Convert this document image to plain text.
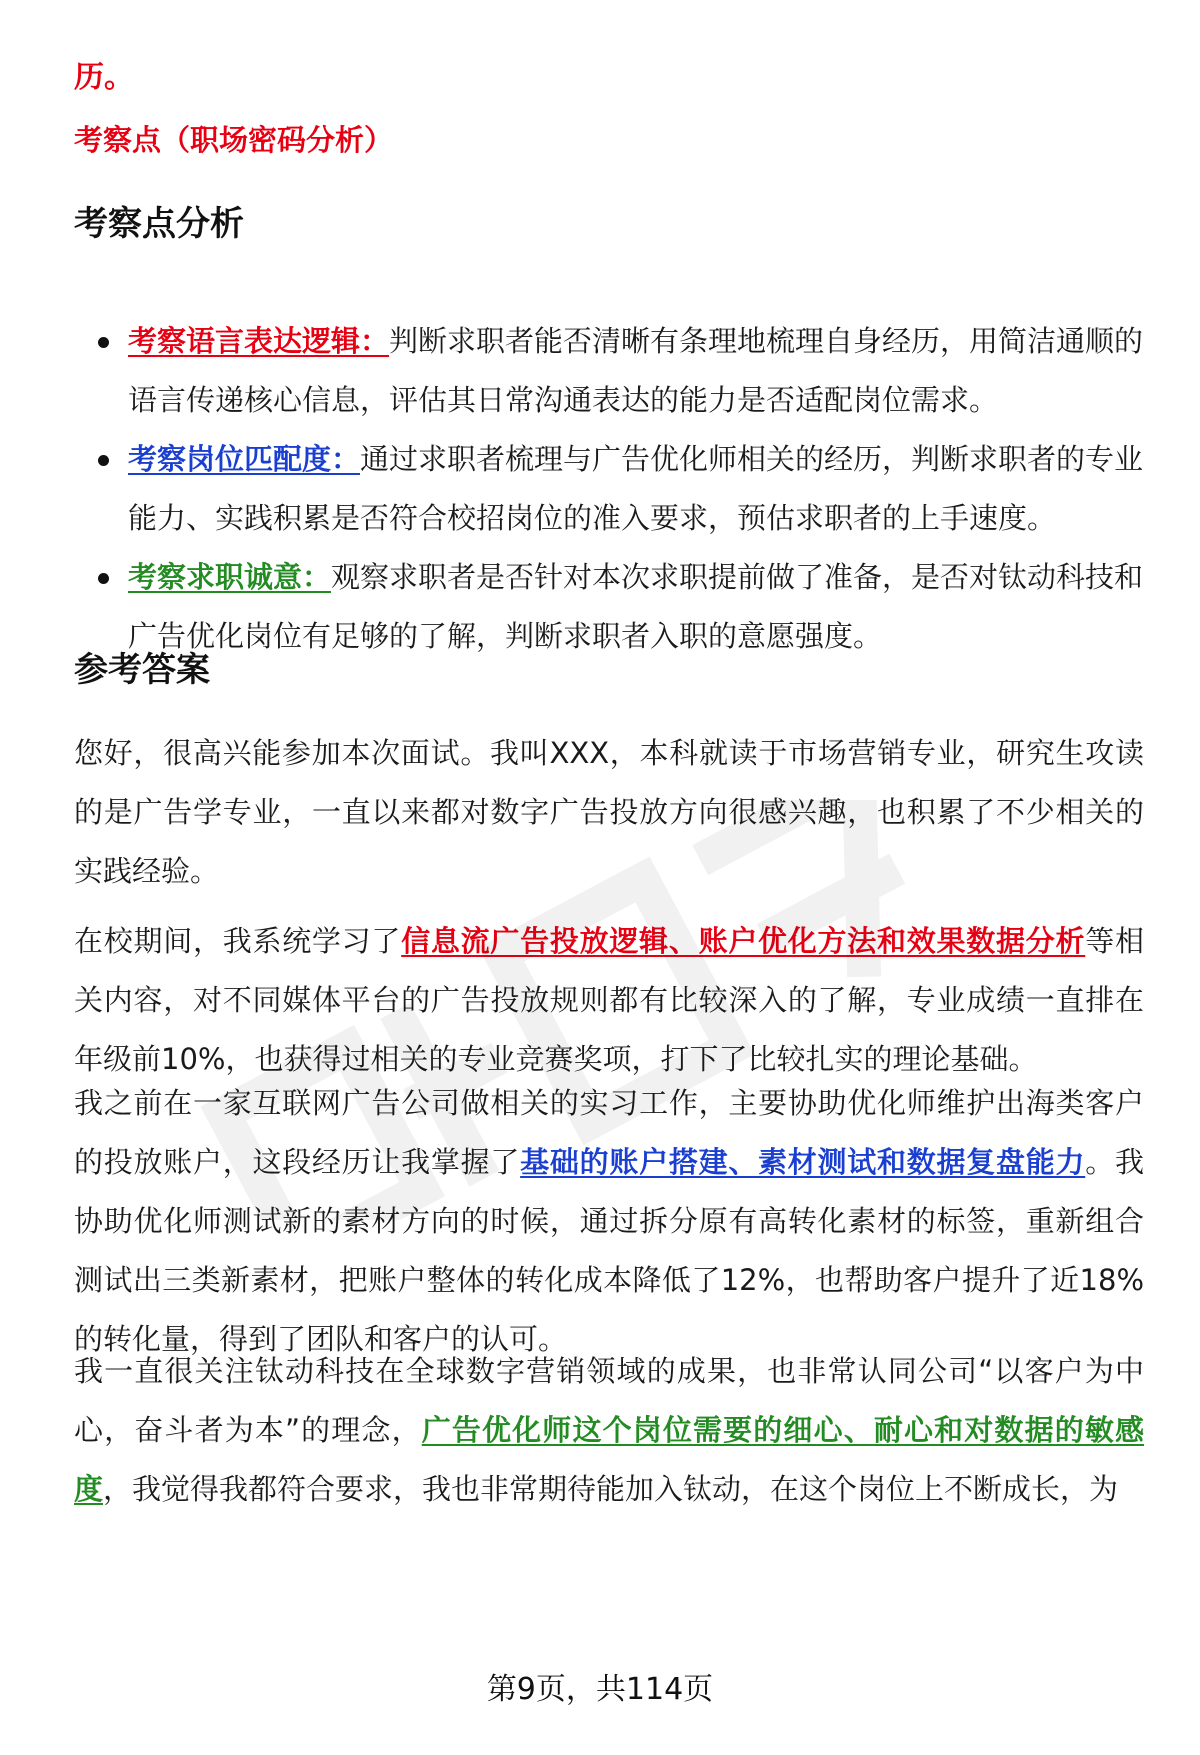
历。
考察点（职场密码分析）
考察点分析
考察语言表达逻辑：判断求职者能否清晰有条理地梳理自身经历，用简洁通顺的语言传递核心信息，评估其日常沟通表达的能力是否适配岗位需求。
考察岗位匹配度：通过求职者梳理与广告优化师相关的经历，判断求职者的专业能力、实践积累是否符合校招岗位的准入要求，预估求职者的上手速度。
考察求职诚意：观察求职者是否针对本次求职提前做了准备，是否对钛动科技和广告优化岗位有足够的了解，判断求职者入职的意愿强度。
参考答案
您好，很高兴能参加本次面试。我叫XXX，本科就读于市场营销专业，研究生攻读的是广告学专业，一直以来都对数字广告投放方向很感兴趣，也积累了不少相关的实践经验。
在校期间，我系统学习了信息流广告投放逻辑、账户优化方法和效果数据分析等相关内容，对不同媒体平台的广告投放规则都有比较深入的了解，专业成绩一直排在年级前10%，也获得过相关的专业竞赛奖项，打下了比较扎实的理论基础。
我之前在一家互联网广告公司做相关的实习工作，主要协助优化师维护出海类客户的投放账户，这段经历让我掌握了基础的账户搭建、素材测试和数据复盘能力。我协助优化师测试新的素材方向的时候，通过拆分原有高转化素材的标签，重新组合测试出三类新素材，把账户整体的转化成本降低了12%，也帮助客户提升了近18%的转化量，得到了团队和客户的认可。
我一直很关注钛动科技在全球数字营销领域的成果，也非常认同公司“以客户为中心，奋斗者为本”的理念，广告优化师这个岗位需要的细心、耐心和对数据的敏感度，我觉得我都符合要求，我也非常期待能加入钛动，在这个岗位上不断成长，为
第9页，共114页
